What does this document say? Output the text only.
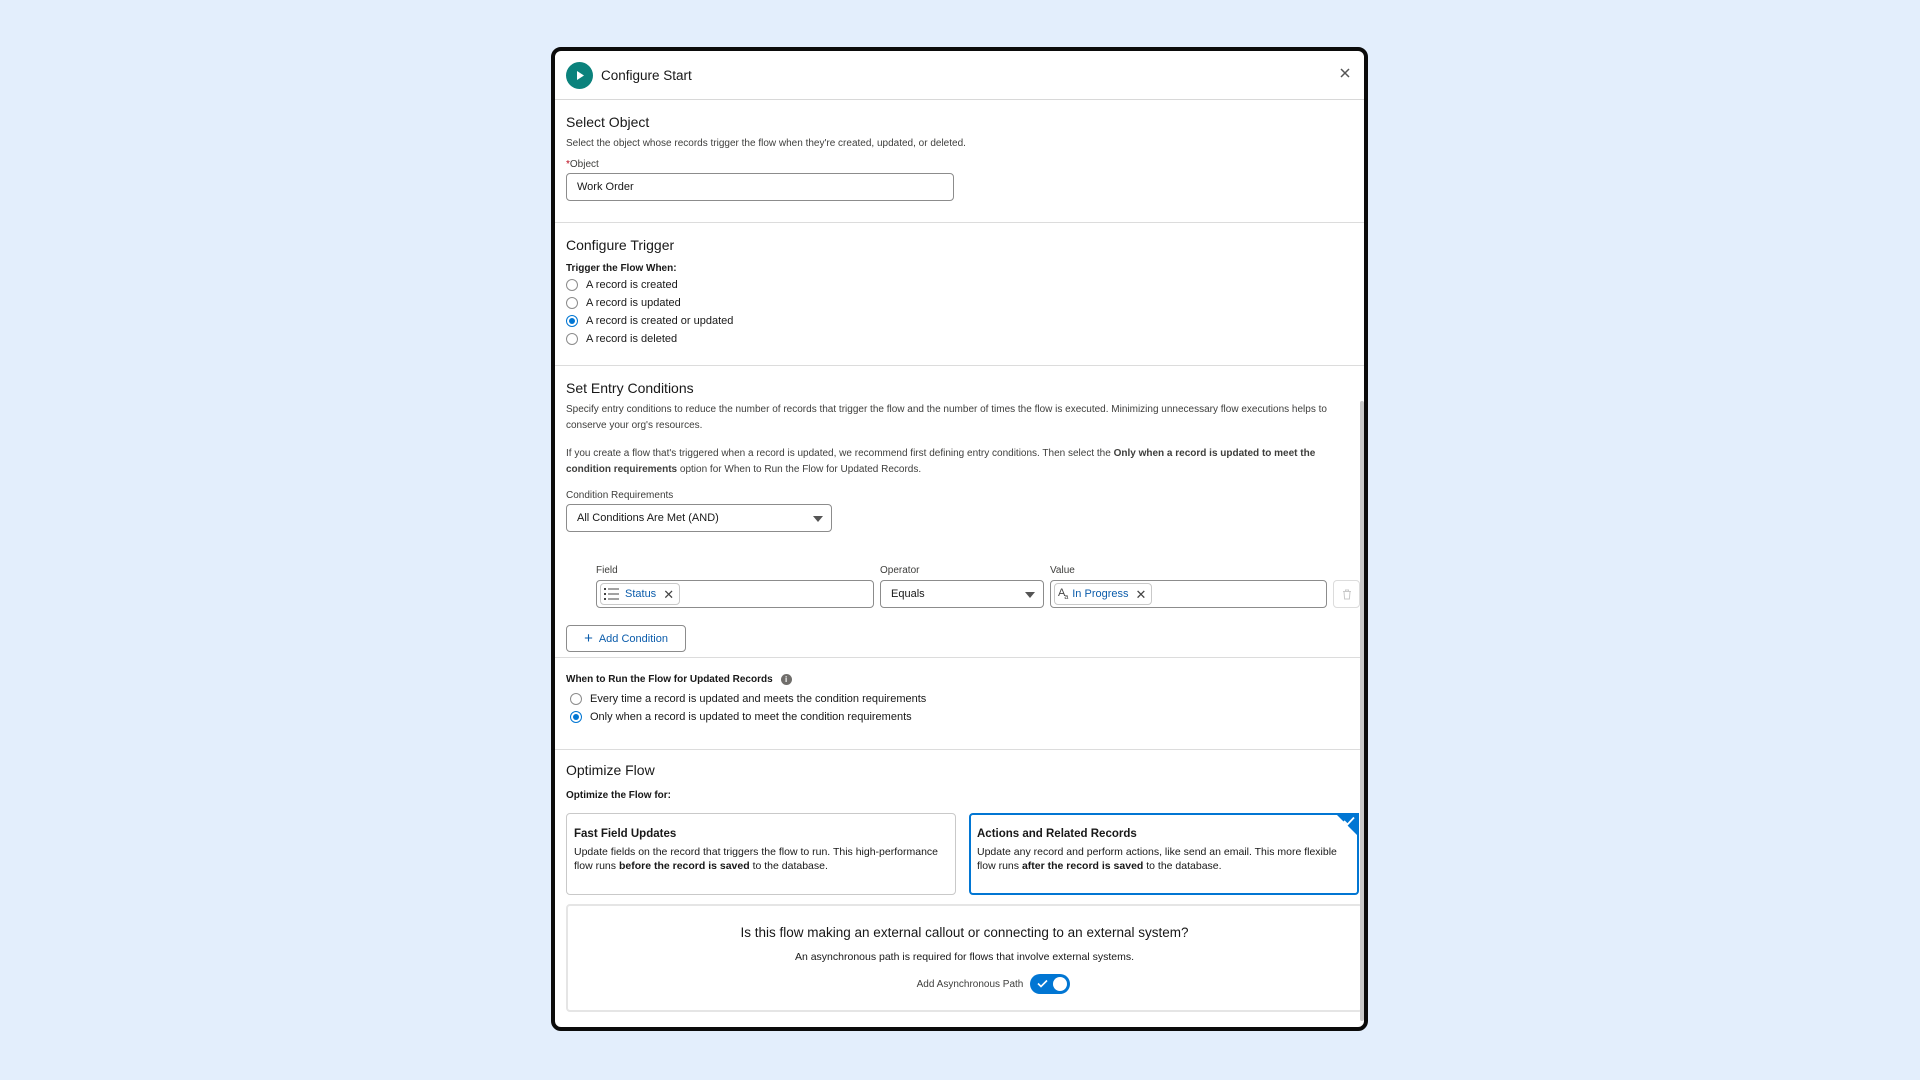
Configure Start
Select Object
Select the object whose records trigger the flow when they're created, updated, or deleted.
*Object
Work Order
Configure Trigger
Trigger the Flow When:
A record is created
A record is updated
A record is created or updated
A record is deleted
Set Entry Conditions
Specify entry conditions to reduce the number of records that trigger the flow and the number of times the flow is executed. Minimizing unnecessary flow executions helps to conserve your org's resources.
If you create a flow that's triggered when a record is updated, we recommend first defining entry conditions. Then select the Only when a record is updated to meet the condition requirements option for When to Run the Flow for Updated Records.
Condition Requirements
All Conditions Are Met (AND)
Field
Status ✕
Operator
Equals
Value
$A_a$ In Progress ✕
+ Add Condition
When to Run the Flow for Updated Records	i
Every time a record is updated and meets the condition requirements
Only when a record is updated to meet the condition requirements
Optimize Flow
Optimize the Flow for:
Fast Field Updates
Update fields on the record that triggers the flow to run. This high-performance flow runs before the record is saved to the database.
Actions and Related Records
Update any record and perform actions, like send an email. This more flexible flow runs after the record is saved to the database.
Is this flow making an external callout or connecting to an external system?
An asynchronous path is required for flows that involve external systems.
Add Asynchronous Path
